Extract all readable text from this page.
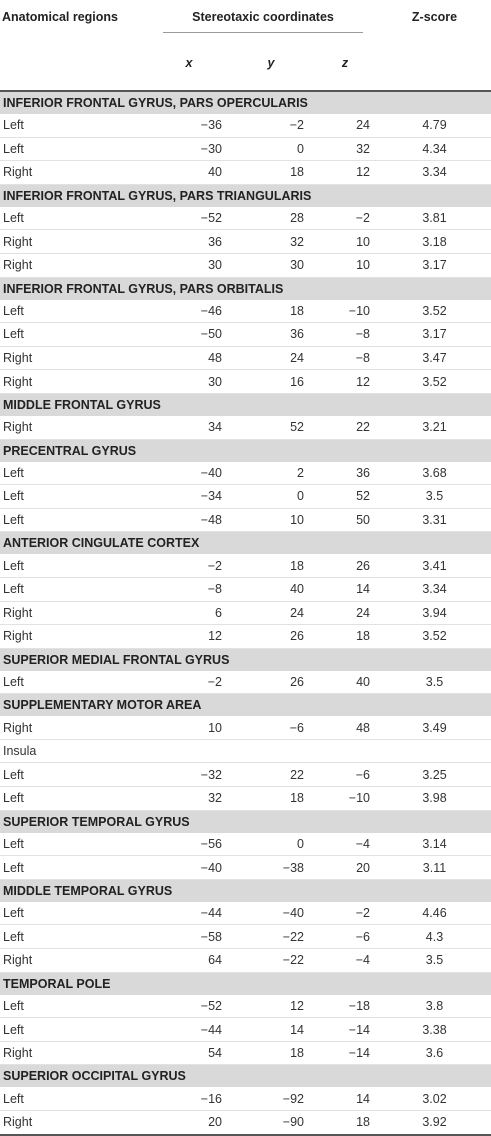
Anatomical regions	Stereotaxic coordinates			Z-score
	x	y	z	

INFERIOR FRONTAL GYRUS, PARS OPERCULARIS				
Left	−36	−2	24	4.79
Left	−30	0	32	4.34
Right	40	18	12	3.34
INFERIOR FRONTAL GYRUS, PARS TRIANGULARIS				
Left	−52	28	−2	3.81
Right	36	32	10	3.18
Right	30	30	10	3.17
INFERIOR FRONTAL GYRUS, PARS ORBITALIS				
Left	−46	18	−10	3.52
Left	−50	36	−8	3.17
Right	48	24	−8	3.47
Right	30	16	12	3.52
MIDDLE FRONTAL GYRUS				
Right	34	52	22	3.21
PRECENTRAL GYRUS				
Left	−40	2	36	3.68
Left	−34	0	52	3.5
Left	−48	10	50	3.31
ANTERIOR CINGULATE CORTEX				
Left	−2	18	26	3.41
Left	−8	40	14	3.34
Right	6	24	24	3.94
Right	12	26	18	3.52
SUPERIOR MEDIAL FRONTAL GYRUS				
Left	−2	26	40	3.5
SUPPLEMENTARY MOTOR AREA				
Right	10	−6	48	3.49
Insula				
Left	−32	22	−6	3.25
Left	32	18	−10	3.98
SUPERIOR TEMPORAL GYRUS				
Left	−56	0	−4	3.14
Left	−40	−38	20	3.11
MIDDLE TEMPORAL GYRUS				
Left	−44	−40	−2	4.46
Left	−58	−22	−6	4.3
Right	64	−22	−4	3.5
TEMPORAL POLE				
Left	−52	12	−18	3.8
Left	−44	14	−14	3.38
Right	54	18	−14	3.6
SUPERIOR OCCIPITAL GYRUS				
Left	−16	−92	14	3.02
Right	20	−90	18	3.92
